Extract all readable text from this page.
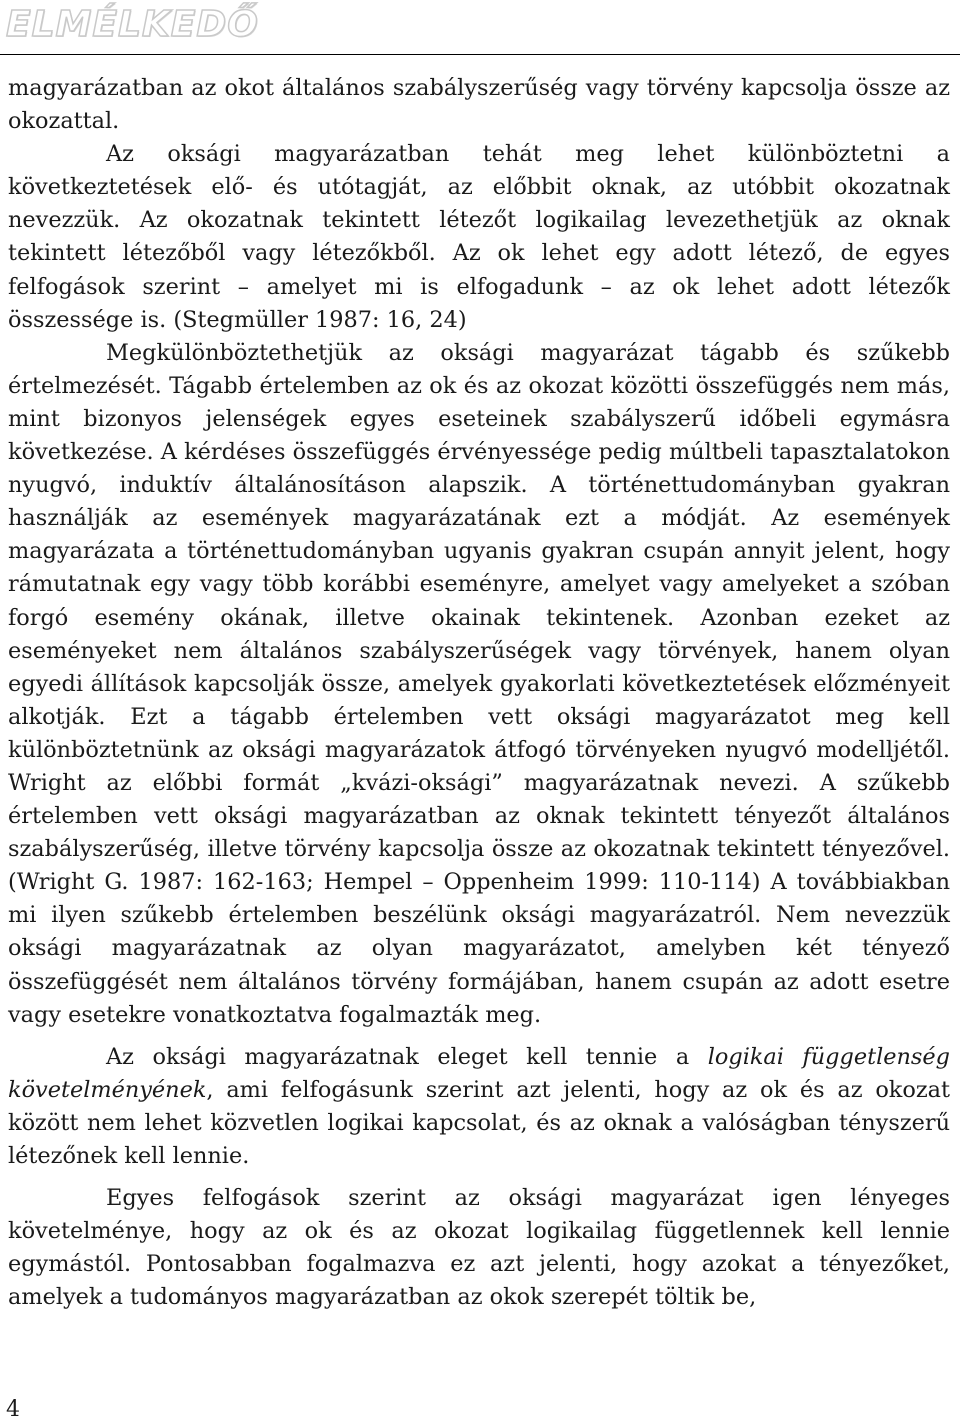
ELMÉLKEDŐ

magyarázatban az okot általános szabályszerűség vagy törvény kapcsolja össze az okozattal.

Az oksági magyarázatban tehát meg lehet különböztetni a következtetések elő- és utótagját, az előbbit oknak, az utóbbit okozatnak nevezzük. Az okozatnak tekintett létezőt logikailag levezethetjük az oknak tekintett létezőből vagy létezőkből. Az ok lehet egy adott létező, de egyes felfogások szerint – amelyet mi is elfogadunk – az ok lehet adott létezők összessége is. (Stegmüller 1987: 16, 24)

Megkülönböztethetjük az oksági magyarázat tágabb és szűkebb értelmezését. Tágabb értelemben az ok és az okozat közötti összefüggés nem más, mint bizonyos jelenségek egyes eseteinek szabályszerű időbeli egymásra következése. A kérdéses összefüggés érvényessége pedig múltbeli tapasztalatokon nyugvó, induktív általánosításon alapszik. A történettudományban gyakran használják az események magyarázatának ezt a módját. Az események magyarázata a történettudományban ugyanis gyakran csupán annyit jelent, hogy rámutatnak egy vagy több korábbi eseményre, amelyet vagy amelyeket a szóban forgó esemény okának, illetve okainak tekintenek. Azonban ezeket az eseményeket nem általános szabályszerűségek vagy törvények, hanem olyan egyedi állítások kapcsolják össze, amelyek gyakorlati következtetések előzményeit alkotják. Ezt a tágabb értelemben vett oksági magyarázatot meg kell különböztetnünk az oksági magyarázatok átfogó törvényeken nyugvó modelljétől. Wright az előbbi formát „kvázi-oksági” magyarázatnak nevezi. A szűkebb értelemben vett oksági magyarázatban az oknak tekintett tényezőt általános szabályszerűség, illetve törvény kapcsolja össze az okozatnak tekintett tényezővel. (Wright G. 1987: 162-163; Hempel – Oppenheim 1999: 110-114) A továbbiakban mi ilyen szűkebb értelemben beszélünk oksági magyarázatról. Nem nevezzük oksági magyarázatnak az olyan magyarázatot, amelyben két tényező összefüggését nem általános törvény formájában, hanem csupán az adott esetre vagy esetekre vonatkoztatva fogalmazták meg.

Az oksági magyarázatnak eleget kell tennie a logikai függetlenség követelményének, ami felfogásunk szerint azt jelenti, hogy az ok és az okozat között nem lehet közvetlen logikai kapcsolat, és az oknak a valóságban tényszerű létezőnek kell lennie.

Egyes felfogások szerint az oksági magyarázat igen lényeges követelménye, hogy az ok és az okozat logikailag függetlennek kell lennie egymástól. Pontosabban fogalmazva ez azt jelenti, hogy azokat a tényezőket, amelyek a tudományos magyarázatban az okok szerepét töltik be,

4
